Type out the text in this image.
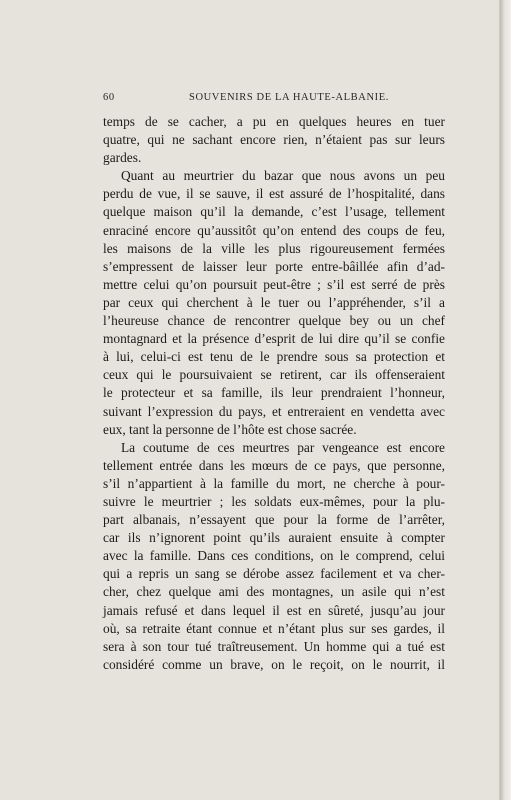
60	SOUVENIRS DE LA HAUTE-ALBANIE.
temps de se cacher, a pu en quelques heures en tuer
quatre, qui ne sachant encore rien, n’étaient pas sur leurs
gardes.
Quant au meurtrier du bazar que nous avons un peu
perdu de vue, il se sauve, il est assuré de l’hospitalité, dans
quelque maison qu’il la demande, c’est l’usage, tellement
enraciné encore qu’aussitôt qu’on entend des coups de feu,
les maisons de la ville les plus rigoureusement fermées
s’empressent de laisser leur porte entre-bâillée afin d’ad-
mettre celui qu’on poursuit peut-être ; s’il est serré de près
par ceux qui cherchent à le tuer ou l’appréhender, s’il a
l’heureuse chance de rencontrer quelque bey ou un chef
montagnard et la présence d’esprit de lui dire qu’il se confie
à lui, celui-ci est tenu de le prendre sous sa protection et
ceux qui le poursuivaient se retirent, car ils offenseraient
le protecteur et sa famille, ils leur prendraient l’honneur,
suivant l’expression du pays, et entreraient en vendetta avec
eux, tant la personne de l’hôte est chose sacrée.
La coutume de ces meurtres par vengeance est encore
tellement entrée dans les mœurs de ce pays, que personne,
s’il n’appartient à la famille du mort, ne cherche à pour-
suivre le meurtrier ; les soldats eux-mêmes, pour la plu-
part albanais, n’essayent que pour la forme de l’arrêter,
car ils n’ignorent point qu’ils auraient ensuite à compter
avec la famille. Dans ces conditions, on le comprend, celui
qui a repris un sang se dérobe assez facilement et va cher-
cher, chez quelque ami des montagnes, un asile qui n’est
jamais refusé et dans lequel il est en sûreté, jusqu’au jour
où, sa retraite étant connue et n’étant plus sur ses gardes, il
sera à son tour tué traîtreusement. Un homme qui a tué est
considéré comme un brave, on le reçoit, on le nourrit, il
